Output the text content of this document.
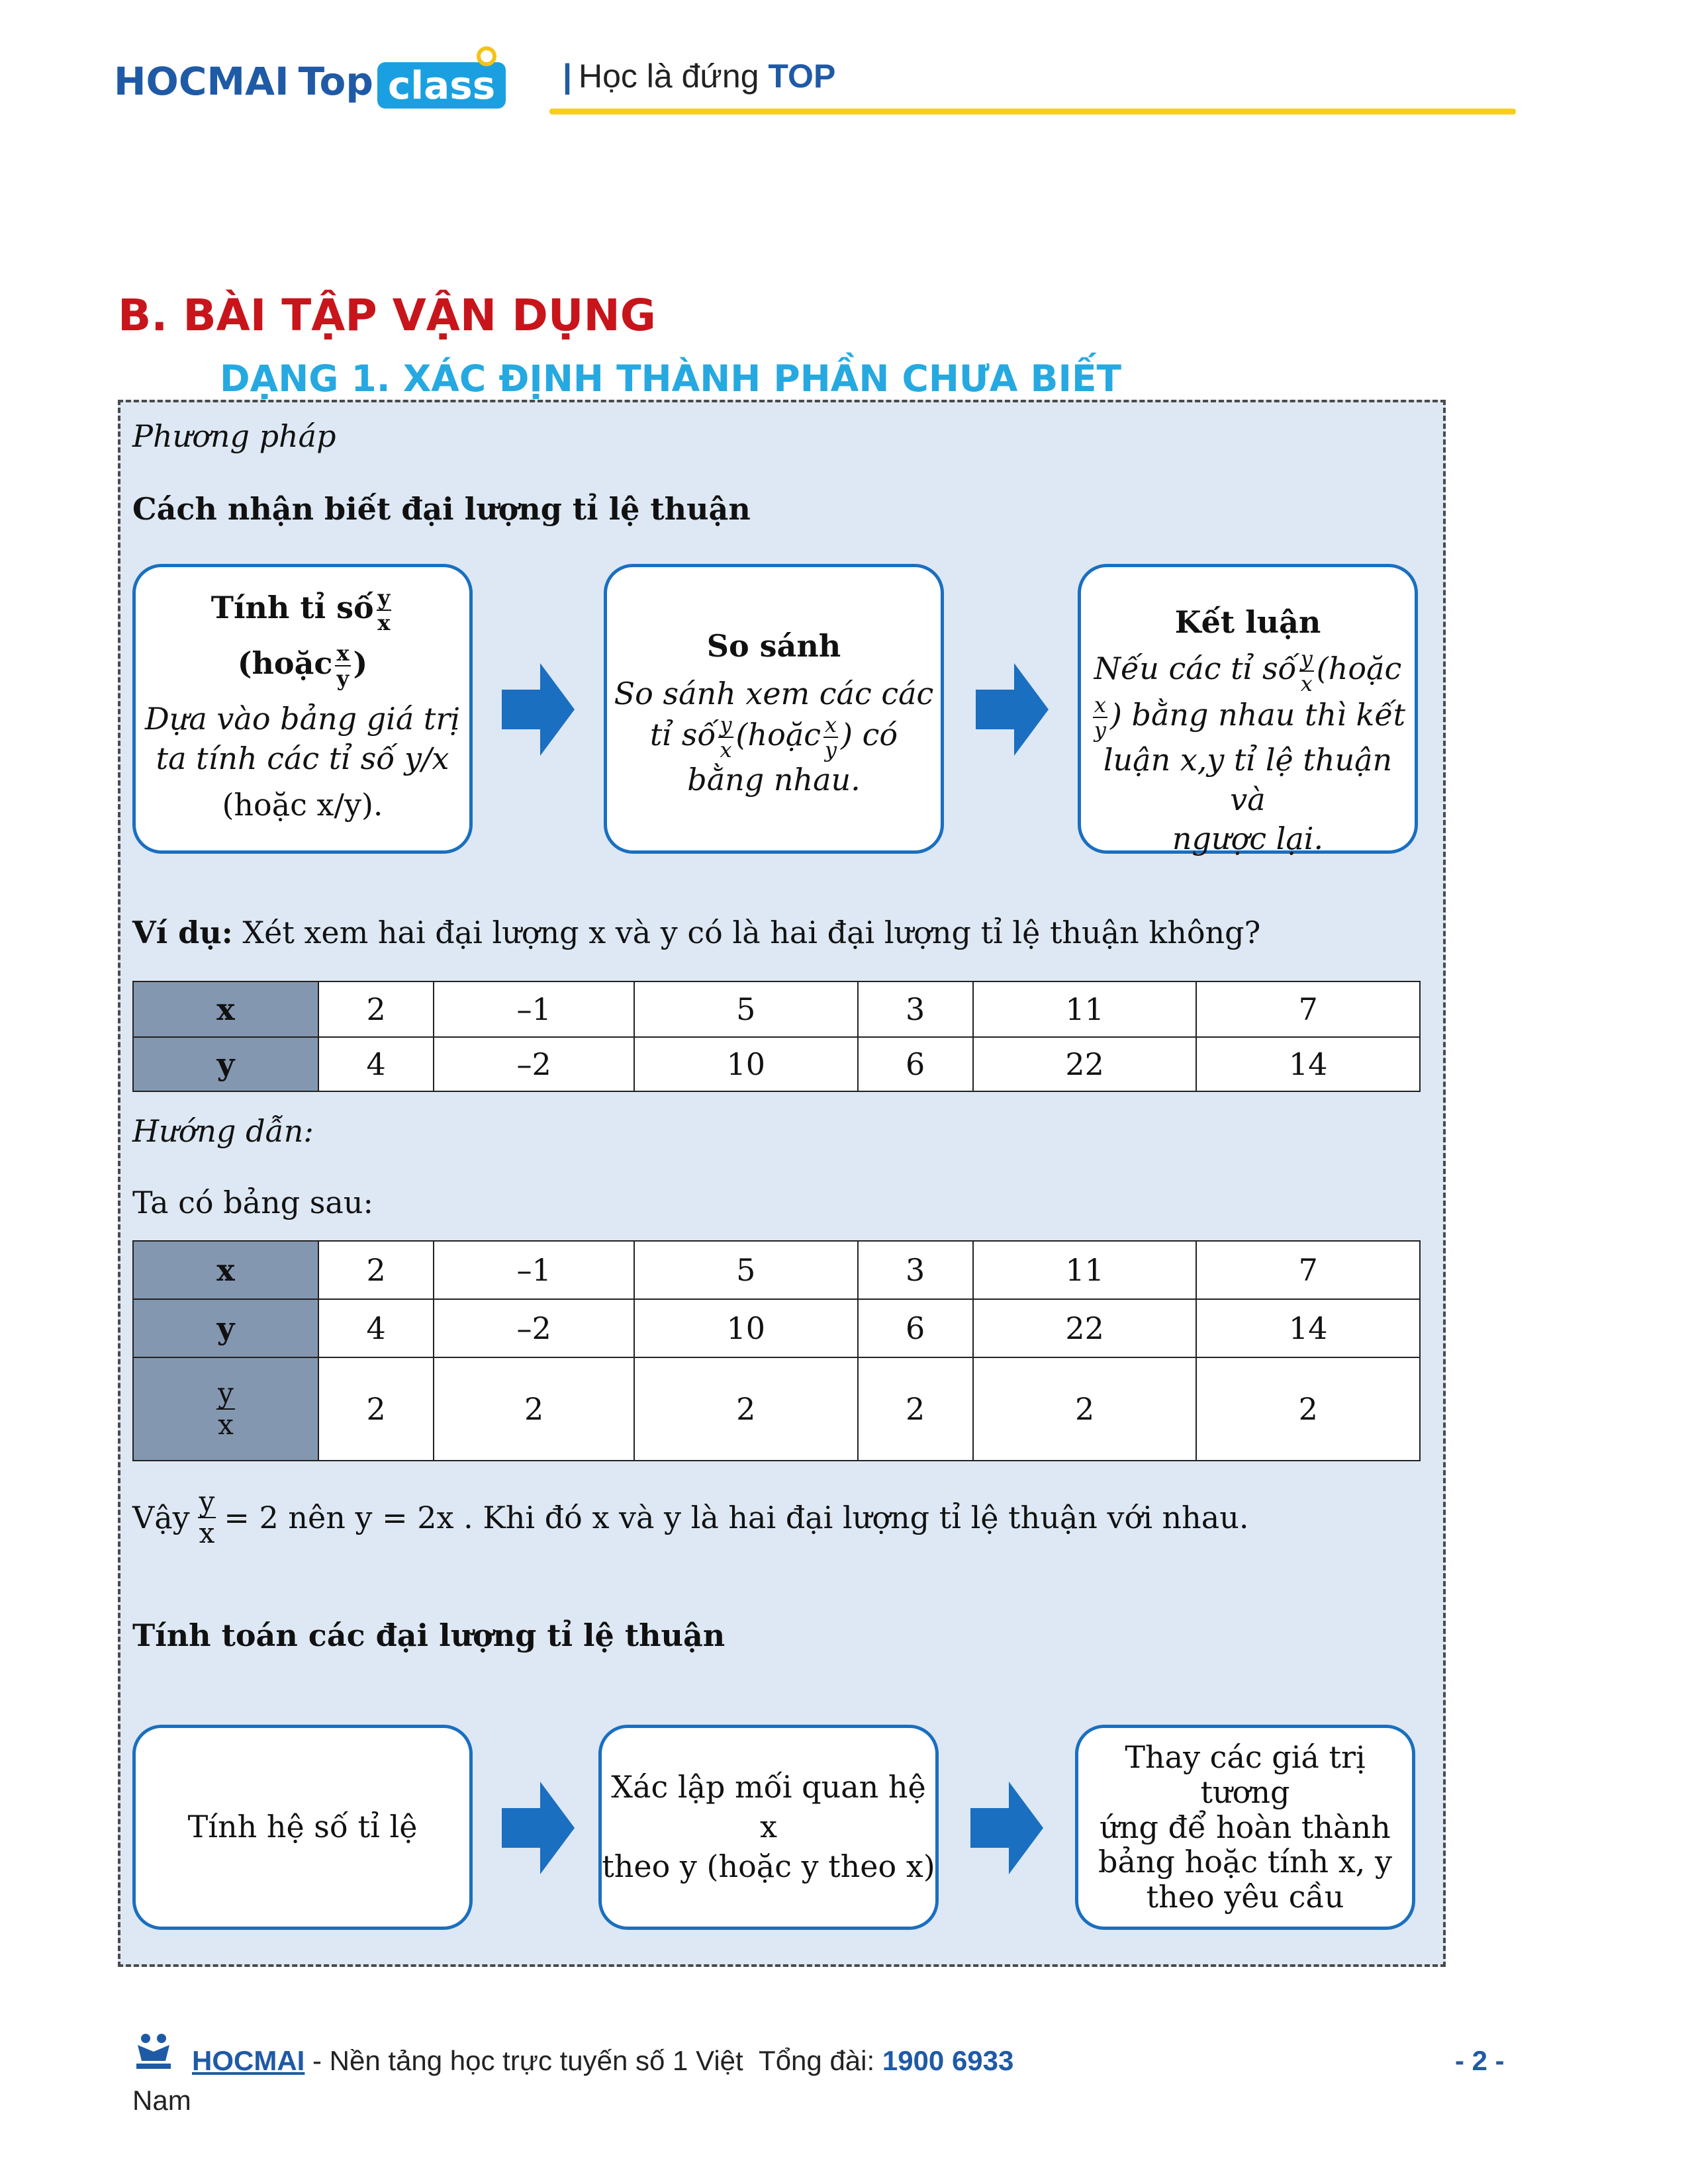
HOCMAI Top class	| Học là đứng TOP
B. BÀI TẬP VẬN DỤNG
DẠNG 1. XÁC ĐỊNH THÀNH PHẦN CHƯA BIẾT
Phương pháp
Cách nhận biết đại lượng tỉ lệ thuận
Tính tỉ số $\frac{y}{x}$
(hoặc $\frac{x}{y}$ )
Dựa vào bảng giá trị
ta tính các tỉ số y/x
(hoặc x/y).
So sánh
So sánh xem các các
tỉ số $\frac{y}{x}$ (hoặc $\frac{x}{y}$ ) có
bằng nhau.
Kết luận
Nếu các tỉ số $\frac{y}{x}$ (hoặc
$\frac{x}{y}$ ) bằng nhau thì kết
luận x,y tỉ lệ thuận và
ngược lại.
Ví dụ: Xét xem hai đại lượng x và y có là hai đại lượng tỉ lệ thuận không?
x	2	–1	5	3	11	7
y	4	–2	10	6	22	14
Hướng dẫn:
Ta có bảng sau:
x	2	–1	5	3	11	7
y	4	–2	10	6	22	14

$\frac{y}{x}$	2	2	2	2	2	2
Vậy $\frac{y}{x} = 2$ nên y = 2x . Khi đó x và y là hai đại lượng tỉ lệ thuận với nhau.
Tính toán các đại lượng tỉ lệ thuận
Tính hệ số tỉ lệ
Xác lập mối quan hệ x
theo y (hoặc y theo x)
Thay các giá trị tương
ứng để hoàn thành
bảng hoặc tính x, y
theo yêu cầu
HOCMAI - Nền tảng học trực tuyến số 1 Việt Tổng đài: 1900 6933	- 2 -
Nam
